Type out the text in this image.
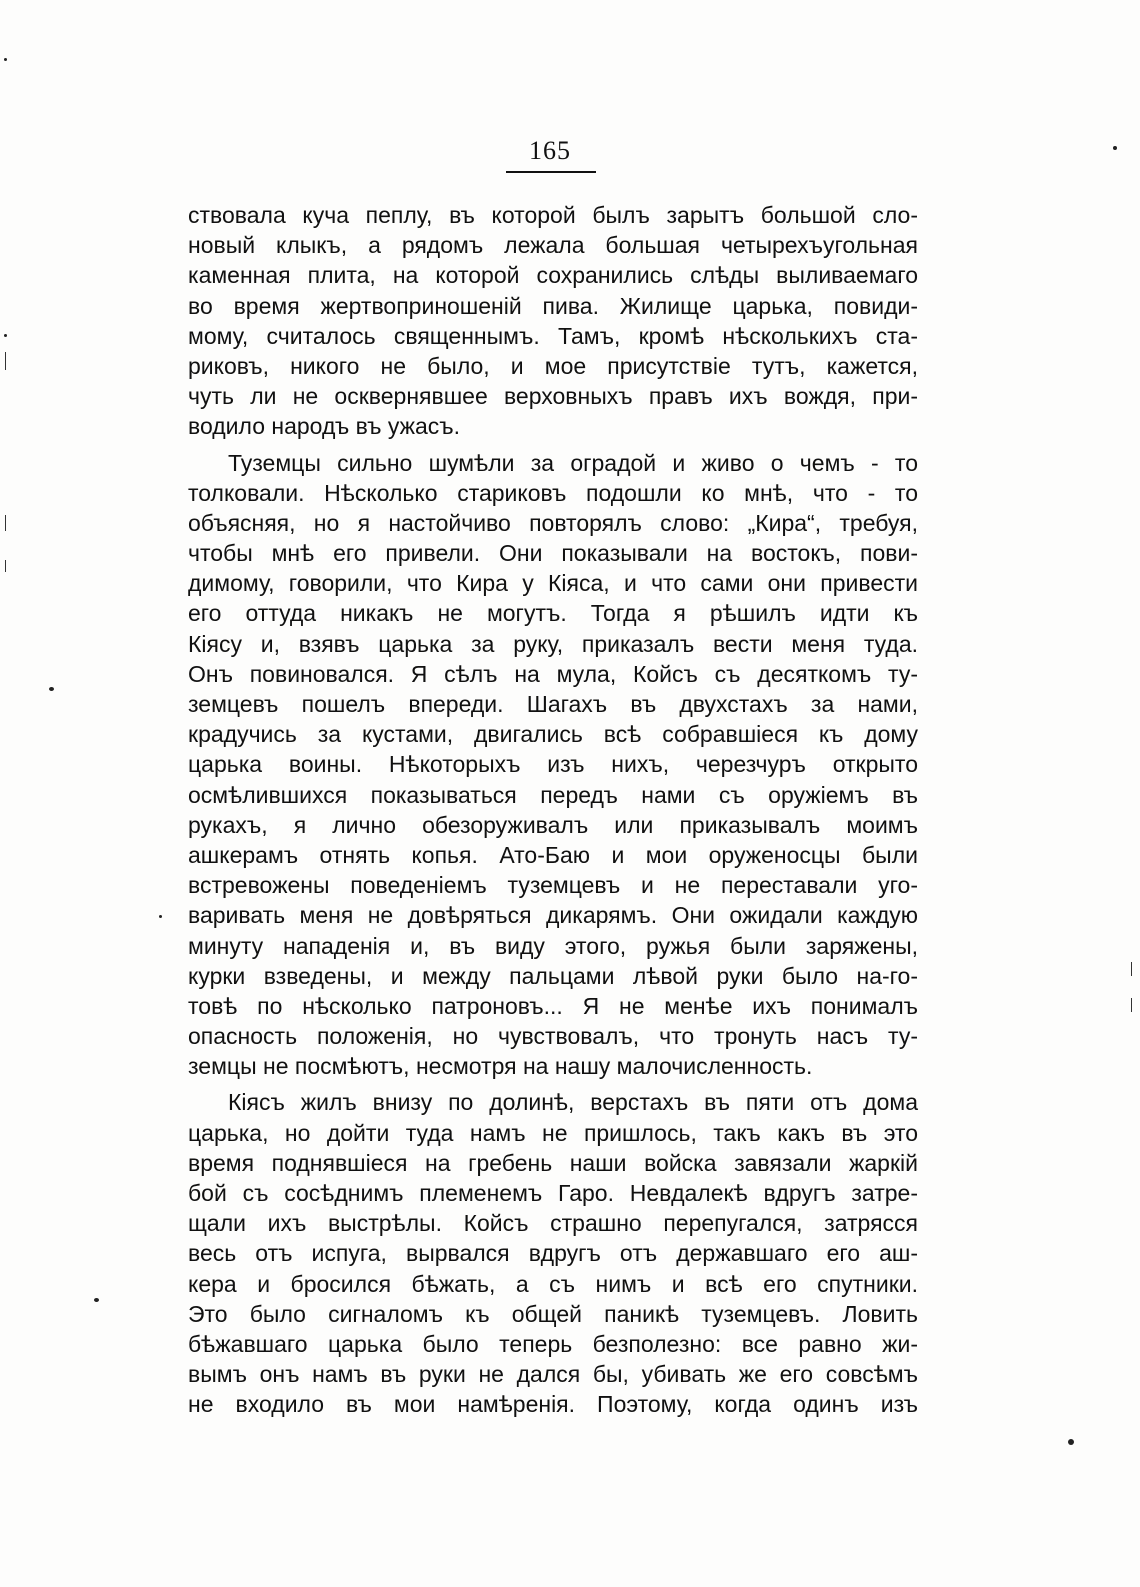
165
ствовала куча пеплу, въ которой былъ зарытъ большой сло-
новый клыкъ, а рядомъ лежала большая четырехъугольная
каменная плита, на которой сохранились слѣды выливаемаго
во время жертвоприношеній пива. Жилище царька, повиди-
мому, считалось священнымъ. Тамъ, кромѣ нѣсколькихъ ста-
риковъ, никого не было, и мое присутствіе тутъ, кажется,
чуть ли не осквернявшее верховныхъ правъ ихъ вождя, при-
водило народъ въ ужасъ.
Туземцы сильно шумѣли за оградой и живо о чемъ - то
толковали. Нѣсколько стариковъ подошли ко мнѣ, что - то
объясняя, но я настойчиво повторялъ слово: „Кира“, требуя,
чтобы мнѣ его привели. Они показывали на востокъ, пови-
димому, говорили, что Кира у Кіяса, и что сами они привести
его оттуда никакъ не могутъ. Тогда я рѣшилъ идти къ
Кіясу и, взявъ царька за руку, приказалъ вести меня туда.
Онъ повиновался. Я сѣлъ на мула, Койсъ съ десяткомъ ту-
земцевъ пошелъ впереди. Шагахъ въ двухстахъ за нами,
крадучись за кустами, двигались всѣ собравшіеся къ дому
царька воины. Нѣкоторыхъ изъ нихъ, черезчуръ открыто
осмѣлившихся показываться передъ нами съ оружіемъ въ
рукахъ, я лично обезоруживалъ или приказывалъ моимъ
ашкерамъ отнять копья. Ато-Баю и мои оруженосцы были
встревожены поведеніемъ туземцевъ и не переставали уго-
варивать меня не довѣряться дикарямъ. Они ожидали каждую
минуту нападенія и, въ виду этого, ружья были заряжены,
курки взведены, и между пальцами лѣвой руки было на-го-
товѣ по нѣсколько патроновъ... Я не менѣе ихъ понималъ
опасность положенія, но чувствовалъ, что тронуть насъ ту-
земцы не посмѣютъ, несмотря на нашу малочисленность.
Кіясъ жилъ внизу по долинѣ, верстахъ въ пяти отъ дома
царька, но дойти туда намъ не пришлось, такъ какъ въ это
время поднявшіеся на гребень наши войска завязали жаркій
бой съ сосѣднимъ племенемъ Гаро. Невдалекѣ вдругъ затре-
щали ихъ выстрѣлы. Койсъ страшно перепугался, затрясся
весь отъ испуга, вырвался вдругъ отъ державшаго его аш-
кера и бросился бѣжать, а съ нимъ и всѣ его спутники.
Это было сигналомъ къ общей паникѣ туземцевъ. Ловить
бѣжавшаго царька было теперь безполезно: все равно жи-
вымъ онъ намъ въ руки не дался бы, убивать же его совсѣмъ
не входило въ мои намѣренія. Поэтому, когда одинъ изъ
